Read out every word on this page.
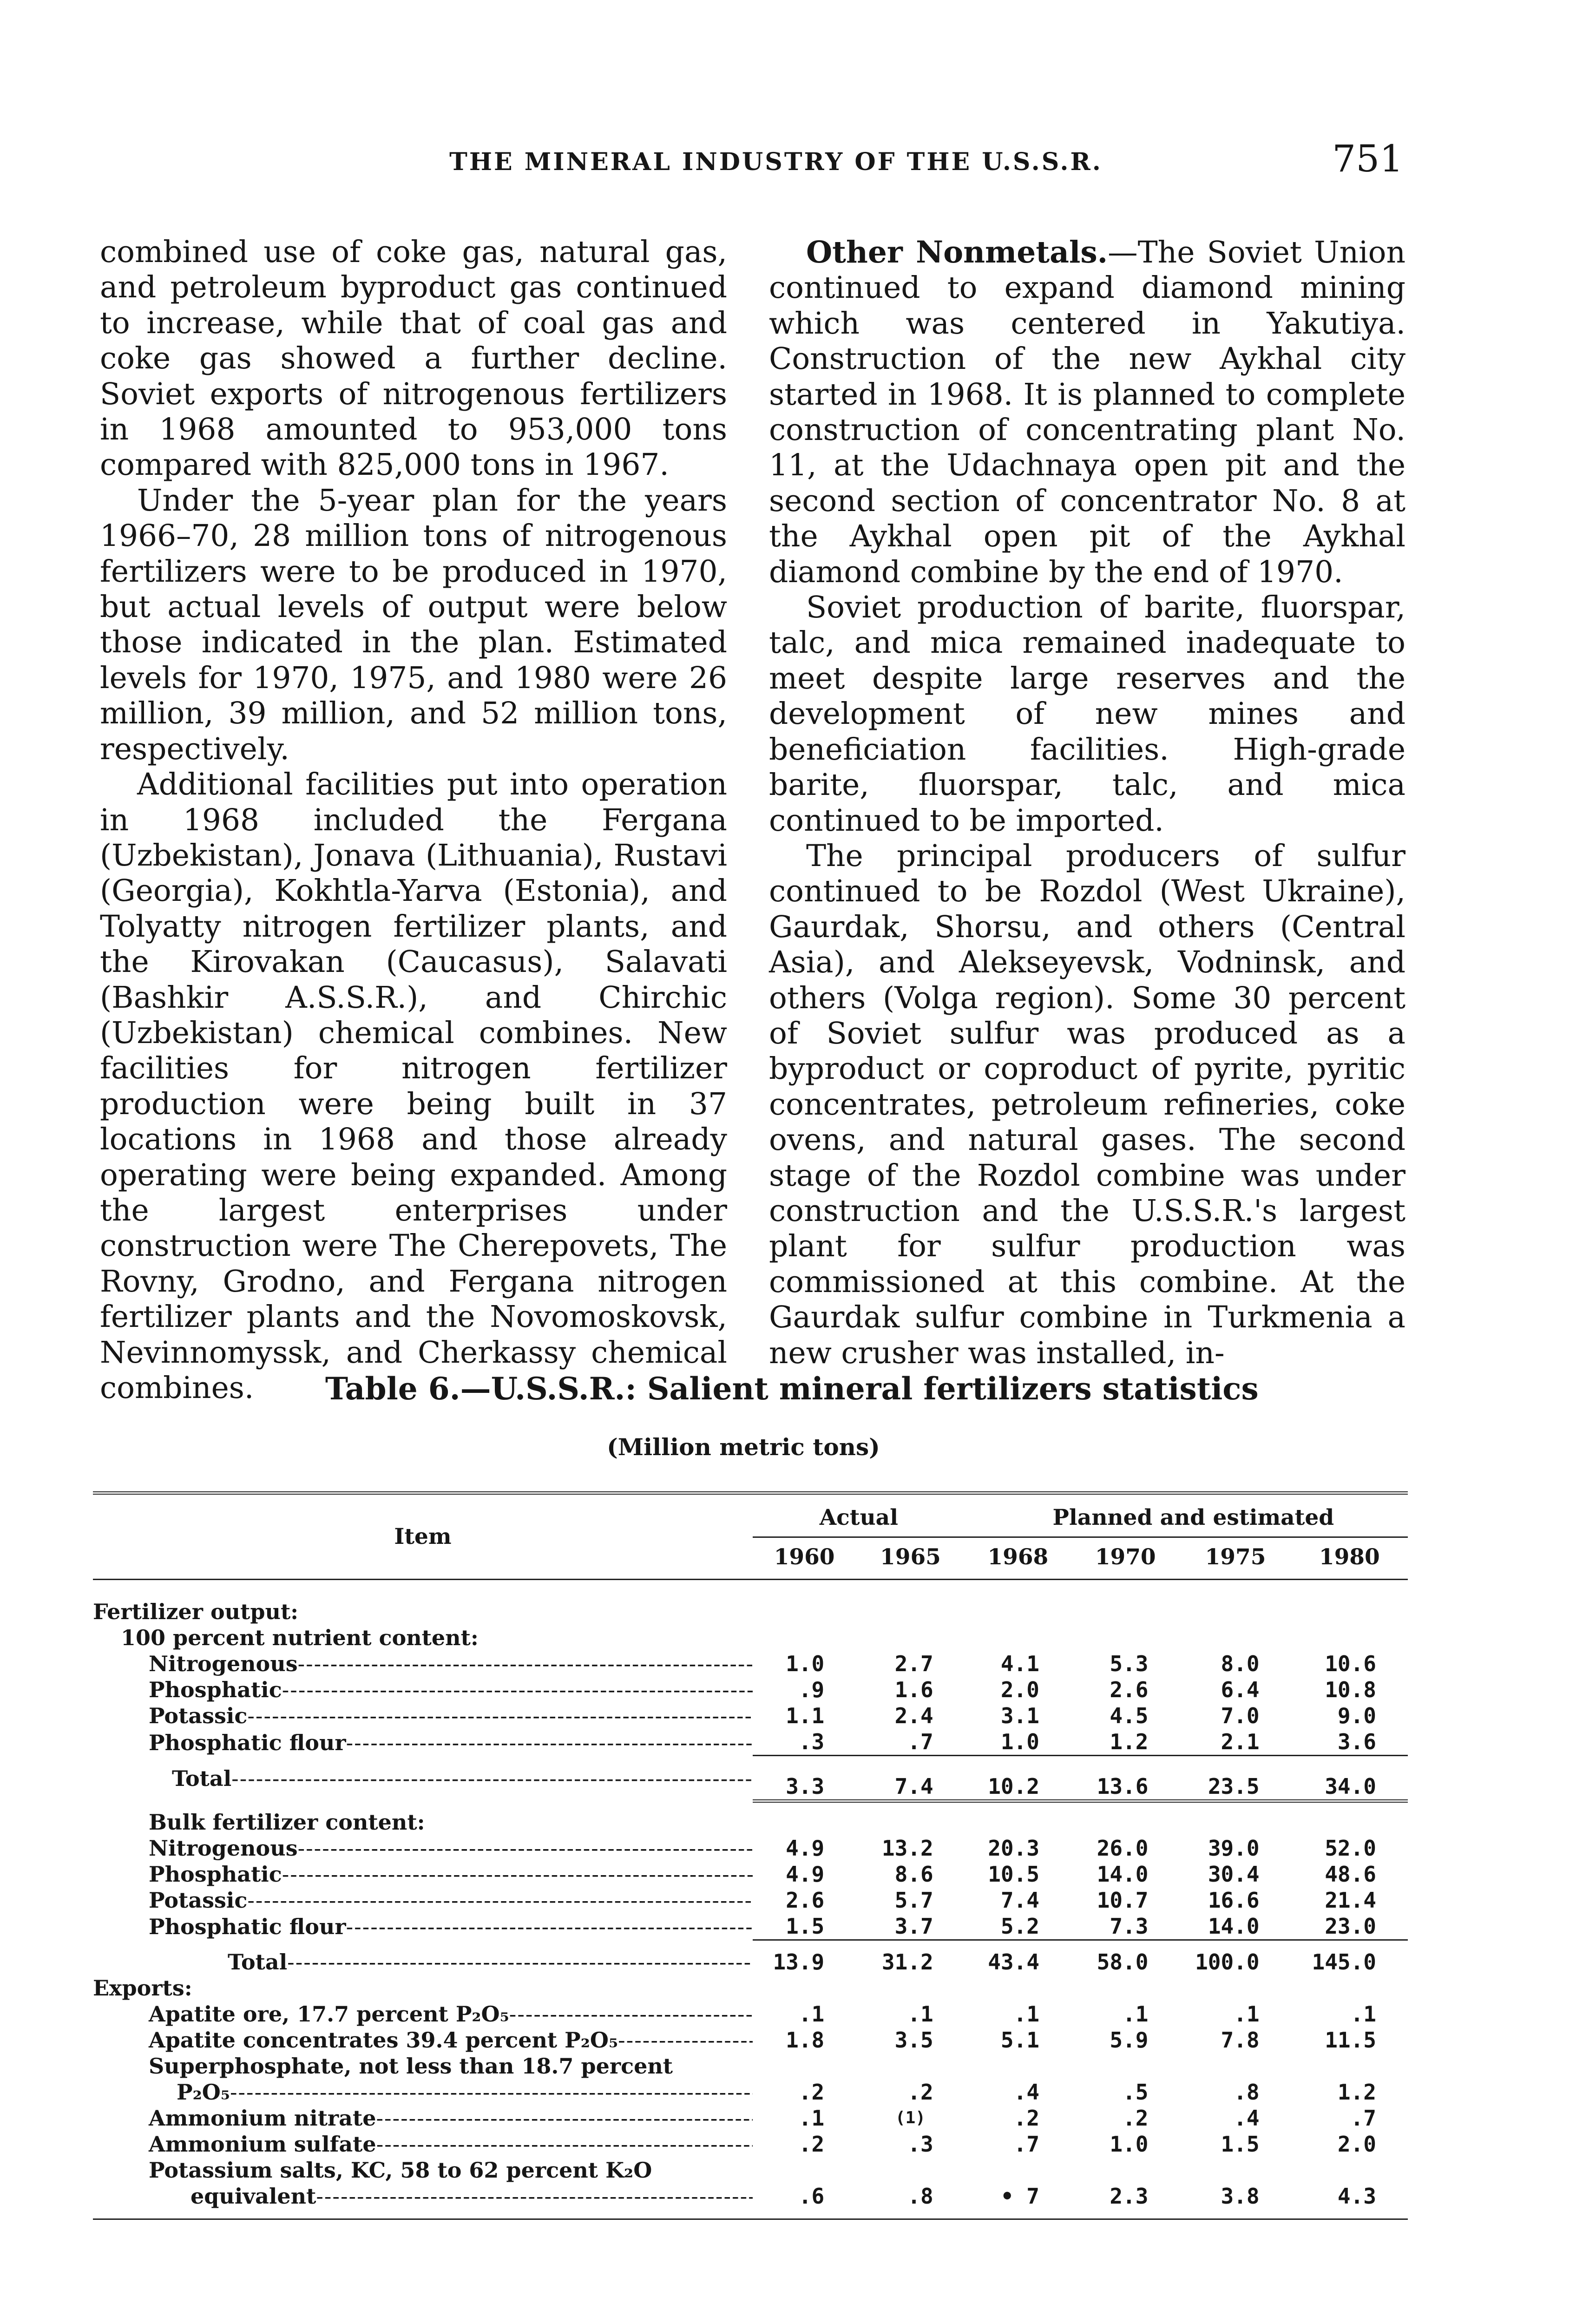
THE MINERAL INDUSTRY OF THE U.S.S.R.	751

combined use of coke gas, natural gas, and petroleum byproduct gas continued to increase, while that of coal gas and coke gas showed a further decline. Soviet exports of nitrogenous fertilizers in 1968 amounted to 953,000 tons compared with 825,000 tons in 1967.

Under the 5-year plan for the years 1966–70, 28 million tons of nitrogenous fertilizers were to be produced in 1970, but actual levels of output were below those indicated in the plan. Estimated levels for 1970, 1975, and 1980 were 26 million, 39 million, and 52 million tons, respectively.

Additional facilities put into operation in 1968 included the Fergana (Uzbekistan), Jonava (Lithuania), Rustavi (Georgia), Kokhtla-Yarva (Estonia), and Tolyatty nitrogen fertilizer plants, and the Kirovakan (Caucasus), Salavati (Bashkir A.S.S.R.), and Chirchic (Uzbekistan) chemical combines. New facilities for nitrogen fertilizer production were being built in 37 locations in 1968 and those already operating were being expanded. Among the largest enterprises under construction were The Cherepovets, The Rovny, Grodno, and Fergana nitrogen fertilizer plants and the Novomoskovsk, Nevinnomyssk, and Cherkassy chemical combines.

Other Nonmetals.—The Soviet Union continued to expand diamond mining which was centered in Yakutiya. Construction of the new Aykhal city started in 1968. It is planned to complete construction of concentrating plant No. 11, at the Udachnaya open pit and the second section of concentrator No. 8 at the Aykhal open pit of the Aykhal diamond combine by the end of 1970.

Soviet production of barite, fluorspar, talc, and mica remained inadequate to meet despite large reserves and the development of new mines and beneficiation facilities. High-grade barite, fluorspar, talc, and mica continued to be imported.

The principal producers of sulfur continued to be Rozdol (West Ukraine), Gaurdak, Shorsu, and others (Central Asia), and Alekseyevsk, Vodninsk, and others (Volga region). Some 30 percent of Soviet sulfur was produced as a byproduct or coproduct of pyrite, pyritic concentrates, petroleum refineries, coke ovens, and natural gases. The second stage of the Rozdol combine was under construction and the U.S.S.R.'s largest plant for sulfur production was commissioned at this combine. At the Gaurdak sulfur combine in Turkmenia a new crusher was installed, in-

Table 6.—U.S.S.R.: Salient mineral fertilizers statistics
(Million metric tons)
Item	Actual		Planned and estimated			
	1960	1965	1968	1970	1975	1980

Fertilizer output:						
100 percent nutrient content:						
Nitrogenous -----	1.0	2.7	4.1	5.3	8.0	10.6
Phosphatic -----	.9	1.6	2.0	2.6	6.4	10.8
Potassic -----	1.1	2.4	3.1	4.5	7.0	9.0
Phosphatic flour -----	.3	.7	1.0	1.2	2.1	3.6

Total -----	3.3	7.4	10.2	13.6	23.5	34.0

Bulk fertilizer content:						
Nitrogenous -----	4.9	13.2	20.3	26.0	39.0	52.0
Phosphatic -----	4.9	8.6	10.5	14.0	30.4	48.6
Potassic -----	2.6	5.7	7.4	10.7	16.6	21.4
Phosphatic flour -----	1.5	3.7	5.2	7.3	14.0	23.0

Total -----	13.9	31.2	43.4	58.0	100.0	145.0
Exports:						
Apatite ore, 17.7 percent P₂O₅ -----	.1	.1	.1	.1	.1	.1
Apatite concentrates 39.4 percent P₂O₅ -----	1.8	3.5	5.1	5.9	7.8	11.5
Superphosphate, not less than 18.7 percent						
P₂O₅ -----	.2	.2	.4	.5	.8	1.2
Ammonium nitrate -----	.1	(1)	.2	.2	.4	.7
Ammonium sulfate -----	.2	.3	.7	1.0	1.5	2.0
Potassium salts, KC, 58 to 62 percent K₂O						
equivalent -----	.6	.8	• 7	2.3	3.8	4.3
